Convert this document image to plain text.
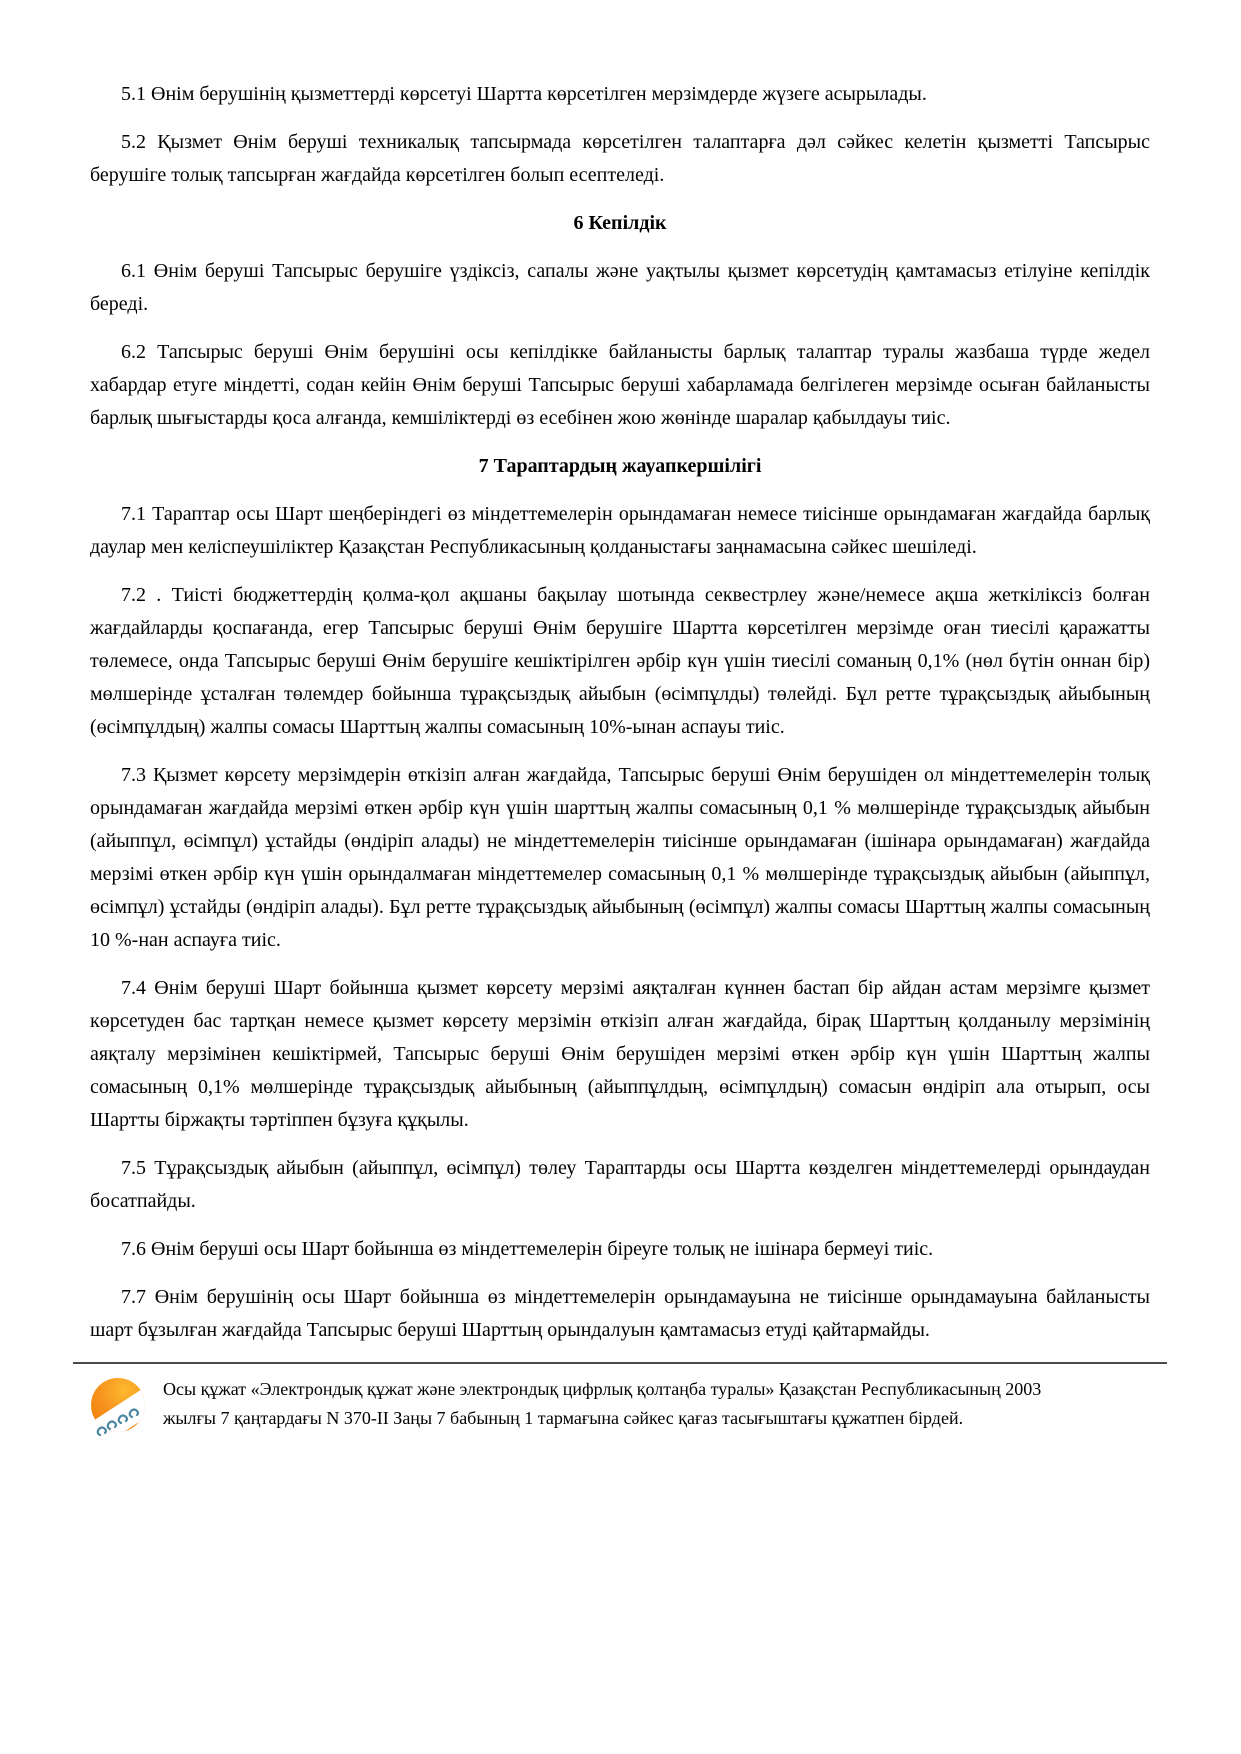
5.1 Өнім берушінің қызметтерді көрсетуі Шартта көрсетілген мерзімдерде жүзеге асырылады.

5.2 Қызмет Өнім беруші техникалық тапсырмада көрсетілген талаптарға дәл сәйкес келетін қызметті Тапсырыс берушіге толық тапсырған жағдайда көрсетілген болып есептеледі.

6 Кепілдік

6.1 Өнім беруші Тапсырыс берушіге үздіксіз, сапалы және уақтылы қызмет көрсетудің қамтамасыз етілуіне кепілдік береді.

6.2 Тапсырыс беруші Өнім берушіні осы кепілдікке байланысты барлық талаптар туралы жазбаша түрде жедел хабардар етуге міндетті, содан кейін Өнім беруші Тапсырыс беруші хабарламада белгілеген мерзімде осыған байланысты барлық шығыстарды қоса алғанда, кемшіліктерді өз есебінен жою жөнінде шаралар қабылдауы тиіс.

7 Тараптардың жауапкершілігі

7.1 Тараптар осы Шарт шеңберіндегі өз міндеттемелерін орындамаған немесе тиісінше орындамаған жағдайда барлық даулар мен келіспеушіліктер Қазақстан Республикасының қолданыстағы заңнамасына сәйкес шешіледі.

7.2 . Тиісті бюджеттердің қолма-қол ақшаны бақылау шотында секвестрлеу және/немесе ақша жеткіліксіз болған жағдайларды қоспағанда, егер Тапсырыс беруші Өнім берушіге Шартта көрсетілген мерзімде оған тиесілі қаражатты төлемесе, онда Тапсырыс беруші Өнім берушіге кешіктірілген әрбір күн үшін тиесілі соманың 0,1% (нөл бүтін оннан бір) мөлшерінде ұсталған төлемдер бойынша тұрақсыздық айыбын (өсімпұлды) төлейді. Бұл ретте тұрақсыздық айыбының (өсімпұлдың) жалпы сомасы Шарттың жалпы сомасының 10%-ынан аспауы тиіс.

7.3 Қызмет көрсету мерзімдерін өткізіп алған жағдайда, Тапсырыс беруші Өнім берушіден ол міндеттемелерін толық орындамаған жағдайда мерзімі өткен әрбір күн үшін шарттың жалпы сомасының 0,1 % мөлшерінде тұрақсыздық айыбын (айыппұл, өсімпұл) ұстайды (өндіріп алады) не міндеттемелерін тиісінше орындамаған (ішінара орындамаған) жағдайда мерзімі өткен әрбір күн үшін орындалмаған міндеттемелер сомасының 0,1 % мөлшерінде тұрақсыздық айыбын (айыппұл, өсімпұл) ұстайды (өндіріп алады). Бұл ретте тұрақсыздық айыбының (өсімпұл) жалпы сомасы Шарттың жалпы сомасының 10 %-нан аспауға тиіс.

7.4 Өнім беруші Шарт бойынша қызмет көрсету мерзімі аяқталған күннен бастап бір айдан астам мерзімге қызмет көрсетуден бас тартқан немесе қызмет көрсету мерзімін өткізіп алған жағдайда, бірақ Шарттың қолданылу мерзімінің аяқталу мерзімінен кешіктірмей, Тапсырыс беруші Өнім берушіден мерзімі өткен әрбір күн үшін Шарттың жалпы сомасының 0,1% мөлшерінде тұрақсыздық айыбының (айыппұлдың, өсімпұлдың) сомасын өндіріп ала отырып, осы Шартты біржақты тәртіппен бұзуға құқылы.

7.5 Тұрақсыздық айыбын (айыппұл, өсімпұл) төлеу Тараптарды осы Шартта көзделген міндеттемелерді орындаудан босатпайды.

7.6 Өнім беруші осы Шарт бойынша өз міндеттемелерін біреуге толық не ішінара бермеуі тиіс.

7.7 Өнім берушінің осы Шарт бойынша өз міндеттемелерін орындамауына не тиісінше орындамауына байланысты шарт бұзылған жағдайда Тапсырыс беруші Шарттың орындалуын қамтамасыз етуді қайтармайды.

Осы құжат «Электрондық құжат және электрондық цифрлық қолтаңба туралы» Қазақстан Республикасының 2003 жылғы 7 қаңтардағы N 370-II Заңы 7 бабының 1 тармағына сәйкес қағаз тасығыштағы құжатпен бірдей.
